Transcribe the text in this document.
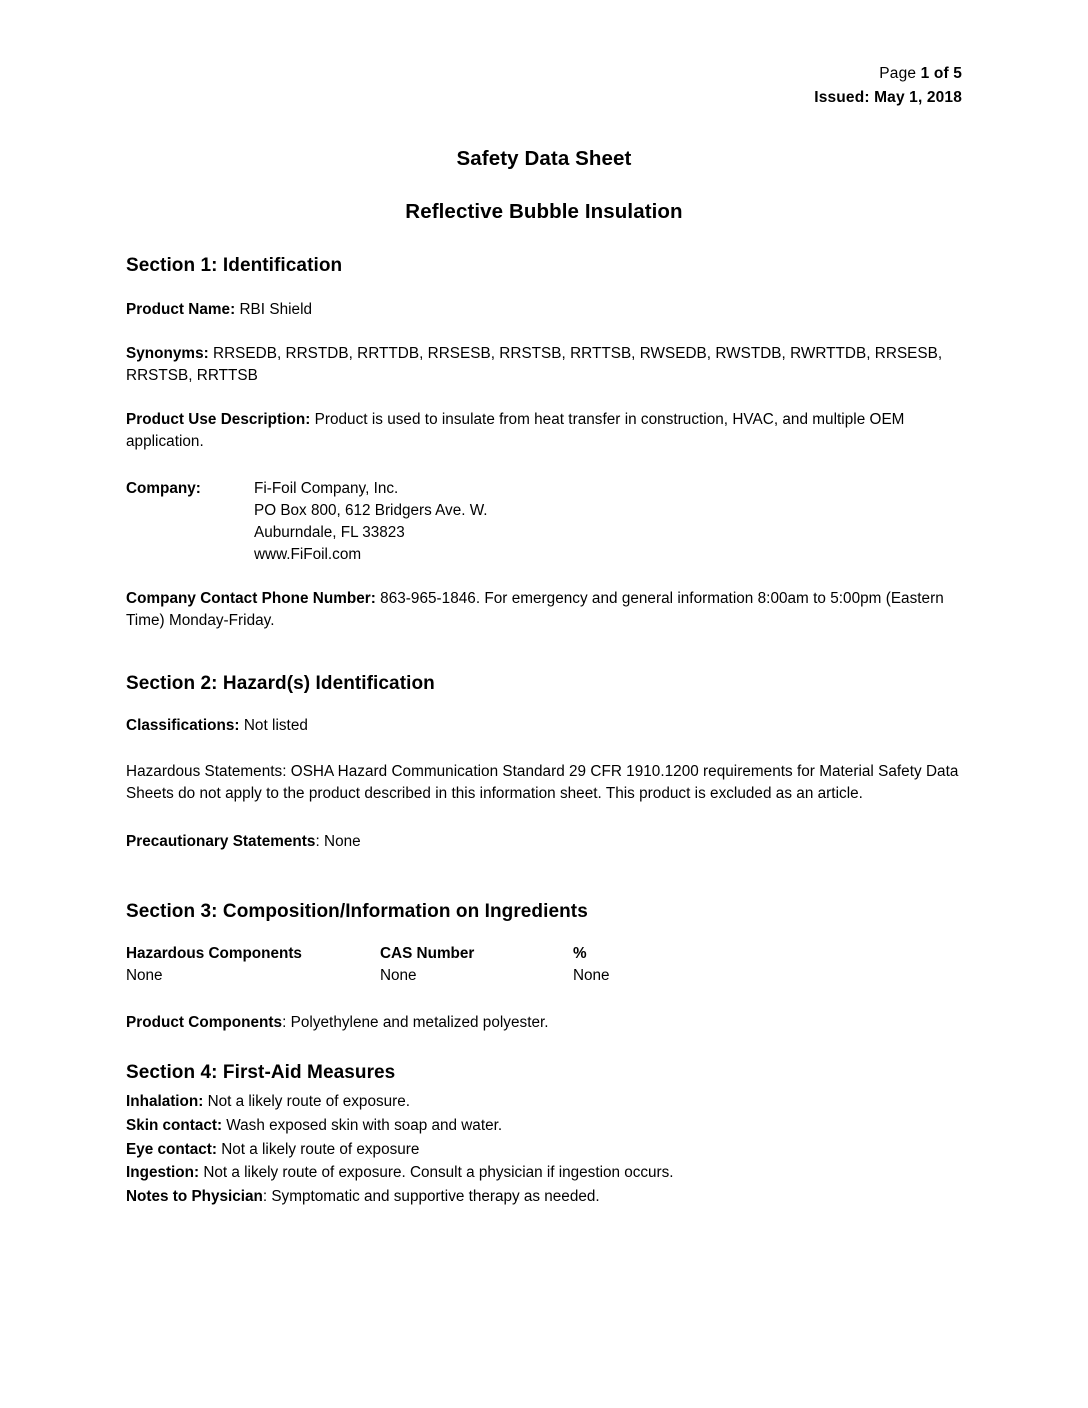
Page 1 of 5
Issued: May 1, 2018
Safety Data Sheet
Reflective Bubble Insulation
Section 1: Identification
Product Name: RBI Shield
Synonyms: RRSEDB, RRSTDB, RRTTDB, RRSESB, RRSTSB, RRTTSB, RWSEDB, RWSTDB, RWRTTDB, RRSESB, RRSTSB, RRTTSB
Product Use Description: Product is used to insulate from heat transfer in construction, HVAC, and multiple OEM application.
Company:	Fi-Foil Company, Inc.
PO Box 800, 612 Bridgers Ave. W.
Auburndale, FL 33823
www.FiFoil.com
Company Contact Phone Number: 863-965-1846. For emergency and general information 8:00am to 5:00pm (Eastern Time) Monday-Friday.
Section 2: Hazard(s) Identification
Classifications: Not listed
Hazardous Statements: OSHA Hazard Communication Standard 29 CFR 1910.1200 requirements for Material Safety Data Sheets do not apply to the product described in this information sheet. This product is excluded as an article.
Precautionary Statements: None
Section 3: Composition/Information on Ingredients
Hazardous Components	CAS Number	%
None	None	None
Product Components: Polyethylene and metalized polyester.
Section 4: First-Aid Measures
Inhalation: Not a likely route of exposure.
Skin contact: Wash exposed skin with soap and water.
Eye contact: Not a likely route of exposure
Ingestion: Not a likely route of exposure. Consult a physician if ingestion occurs.
Notes to Physician: Symptomatic and supportive therapy as needed.
